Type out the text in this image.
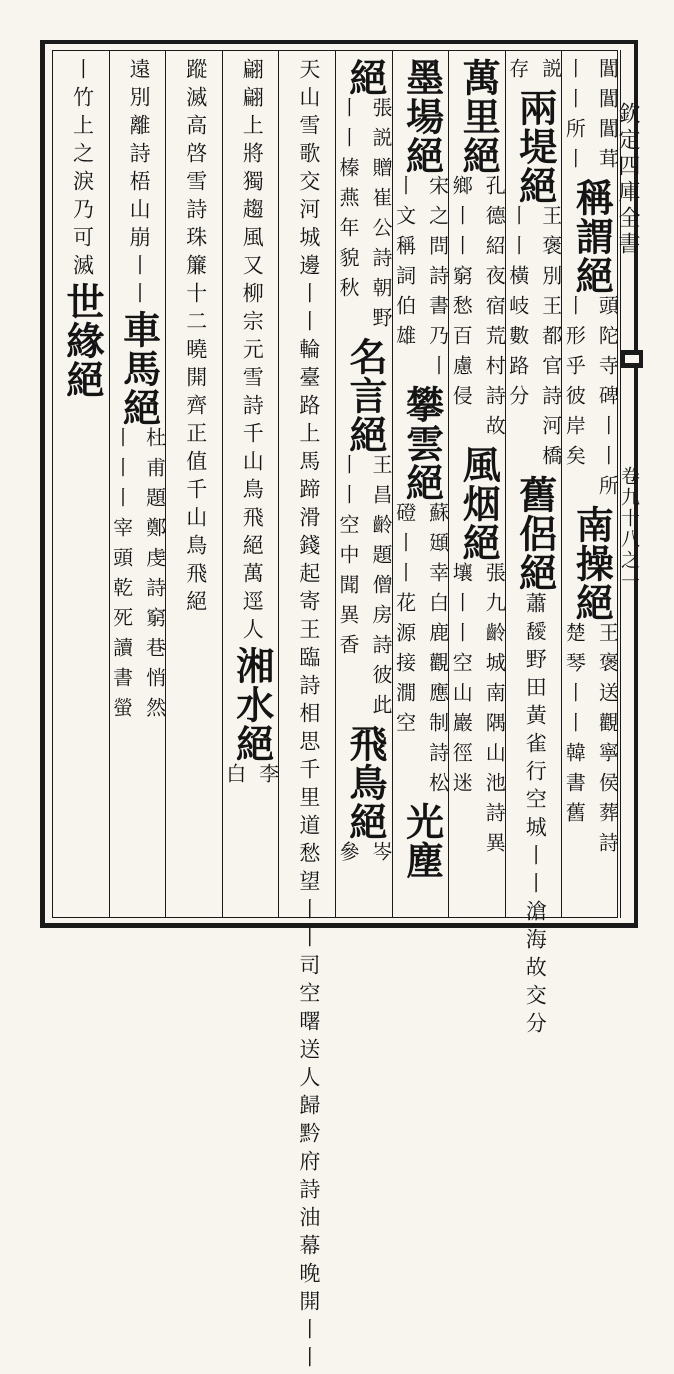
欽定四庫全書
卷九十八之一
閶閶閶茸
丨丨所丨
稱謂絕
頭陀寺碑丨丨所
丨形乎彼岸矣
南操絕
王褒送觀寧侯葬詩
楚琴丨丨韓書舊
説
存
兩堤絕
王褒別王都官詩河橋
丨丨橫岐數路分
舊侶絕
蕭𩡣野田黃雀行空城
丨丨滄海故交分
萬里絕
孔德紹夜宿荒村詩故
鄉丨丨窮愁百慮侵
風烟絕
張九齡城南隅山池詩異
壤丨丨空山巖徑迷
墨場絕
宋之問詩書乃丨
丨文稱詞伯雄
攀雲絕
蘇頲幸白鹿觀應制詩松
磴丨丨花源接㵎空
光塵
絕
張説贈崔公詩朝野
丨丨榛燕年貌秋
名言絕
王昌齡題僧房詩彼此
丨丨空中聞異香
飛鳥絕
岑
參
天山雪歌交河城邊丨丨輪臺路上馬蹄滑錢起寄王臨詩相
思千里道愁望丨丨司空曙送人歸黔府詩油幕晚開丨丨
翩翩上將獨趨風又柳宗元雪詩千山鳥飛絕萬逕人
湘水絕
李
白
蹤滅高啓雪詩珠簾十二曉開齊正值千山鳥飛絕
遠別離詩梧山崩丨丨
車馬絕
杜甫題鄭虔詩窮巷悄然
丨丨丨宰頭乾死讀書螢
丨竹上之淚乃可滅
世緣絕
